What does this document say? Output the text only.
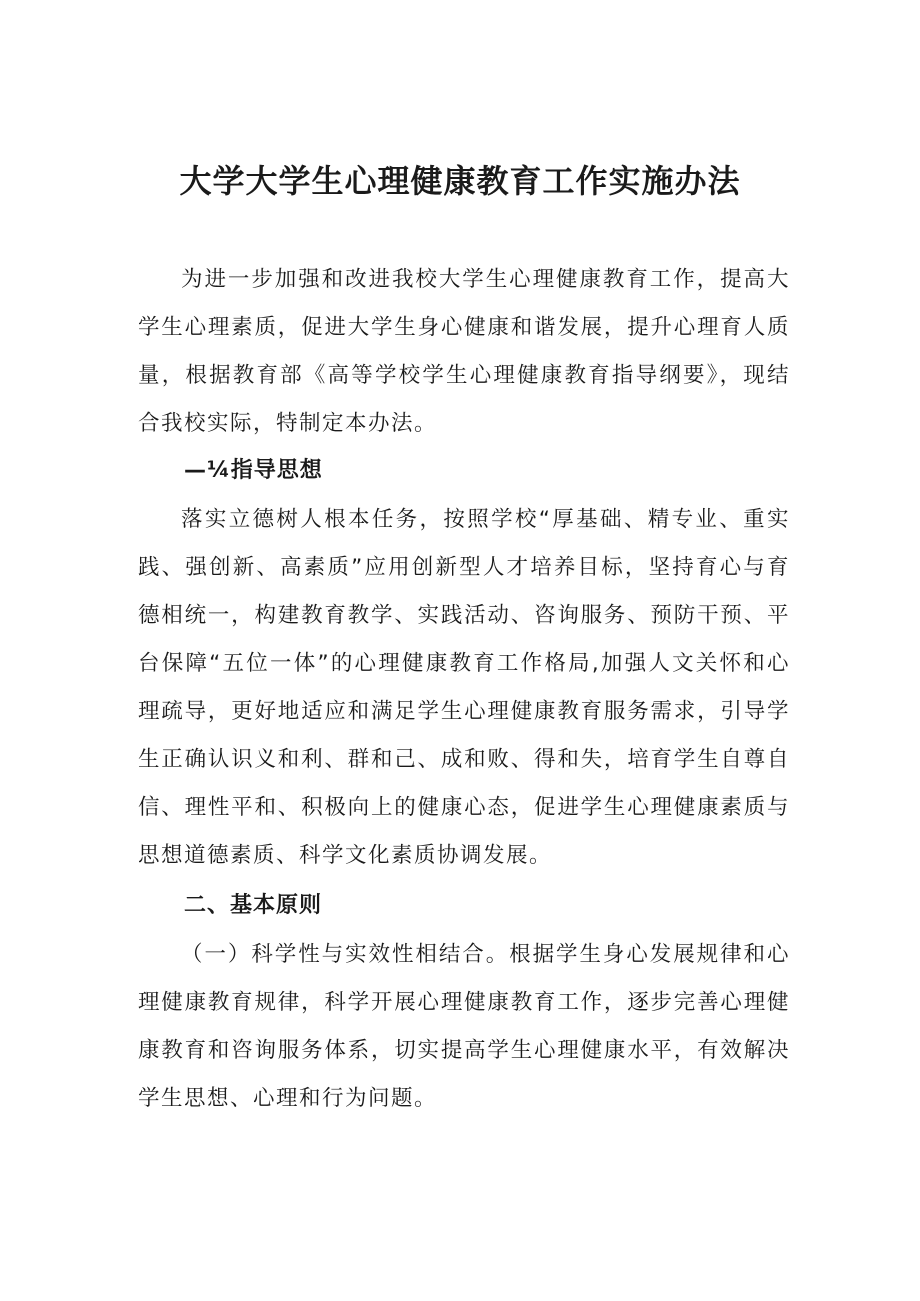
大学大学生心理健康教育工作实施办法

为进一步加强和改进我校大学生心理健康教育工作，提高大学生心理素质，促进大学生身心健康和谐发展，提升心理育人质量，根据教育部《高等学校学生心理健康教育指导纲要》，现结合我校实际，特制定本办法。

—¼指导思想

落实立德树人根本任务，按照学校“厚基础、精专业、重实践、强创新、高素质”应用创新型人才培养目标，坚持育心与育德相统一，构建教育教学、实践活动、咨询服务、预防干预、平台保障“五位一体”的心理健康教育工作格局,加强人文关怀和心理疏导，更好地适应和满足学生心理健康教育服务需求，引导学生正确认识义和利、群和己、成和败、得和失，培育学生自尊自信、理性平和、积极向上的健康心态，促进学生心理健康素质与思想道德素质、科学文化素质协调发展。

二、基本原则

（一）科学性与实效性相结合。根据学生身心发展规律和心理健康教育规律，科学开展心理健康教育工作，逐步完善心理健康教育和咨询服务体系，切实提高学生心理健康水平，有效解决学生思想、心理和行为问题。
